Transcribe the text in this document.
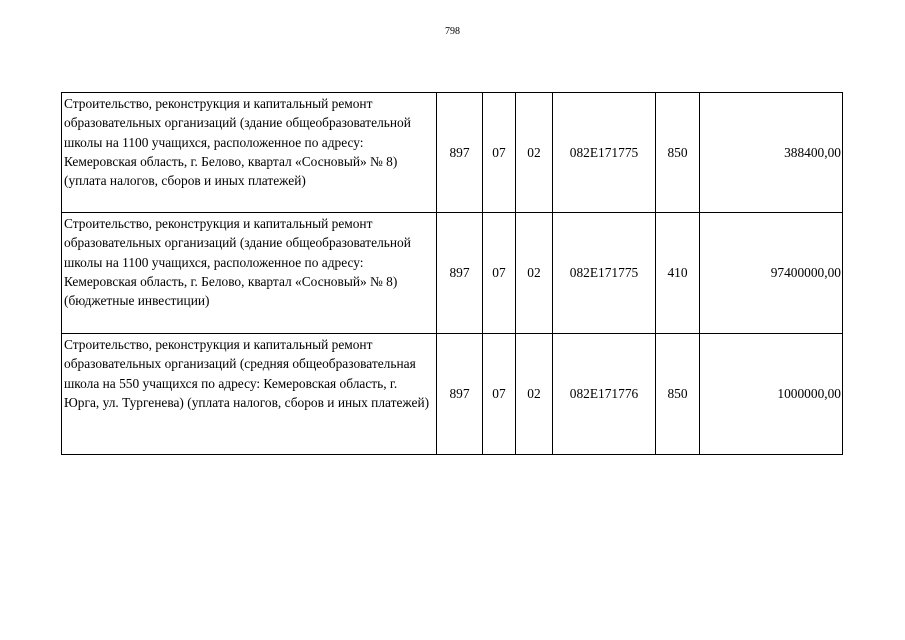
798
Строительство, реконструкция и капитальный ремонт образовательных организаций (здание общеобразовательной школы на 1100 учащихся, расположенное по адресу: Кемеровская область, г. Белово, квартал «Сосновый» № 8) (уплата налогов, сборов и иных платежей)	897	07	02	082Е171775	850	388400,00
Строительство, реконструкция и капитальный ремонт образовательных организаций (здание общеобразовательной школы на 1100 учащихся, расположенное по адресу: Кемеровская область, г. Белово, квартал «Сосновый» № 8) (бюджетные инвестиции)	897	07	02	082Е171775	410	97400000,00
Строительство, реконструкция и капитальный ремонт образовательных организаций (средняя общеобразовательная школа на 550 учащихся по адресу: Кемеровская область, г. Юрга, ул. Тургенева) (уплата налогов, сборов и иных платежей)	897	07	02	082Е171776	850	1000000,00
